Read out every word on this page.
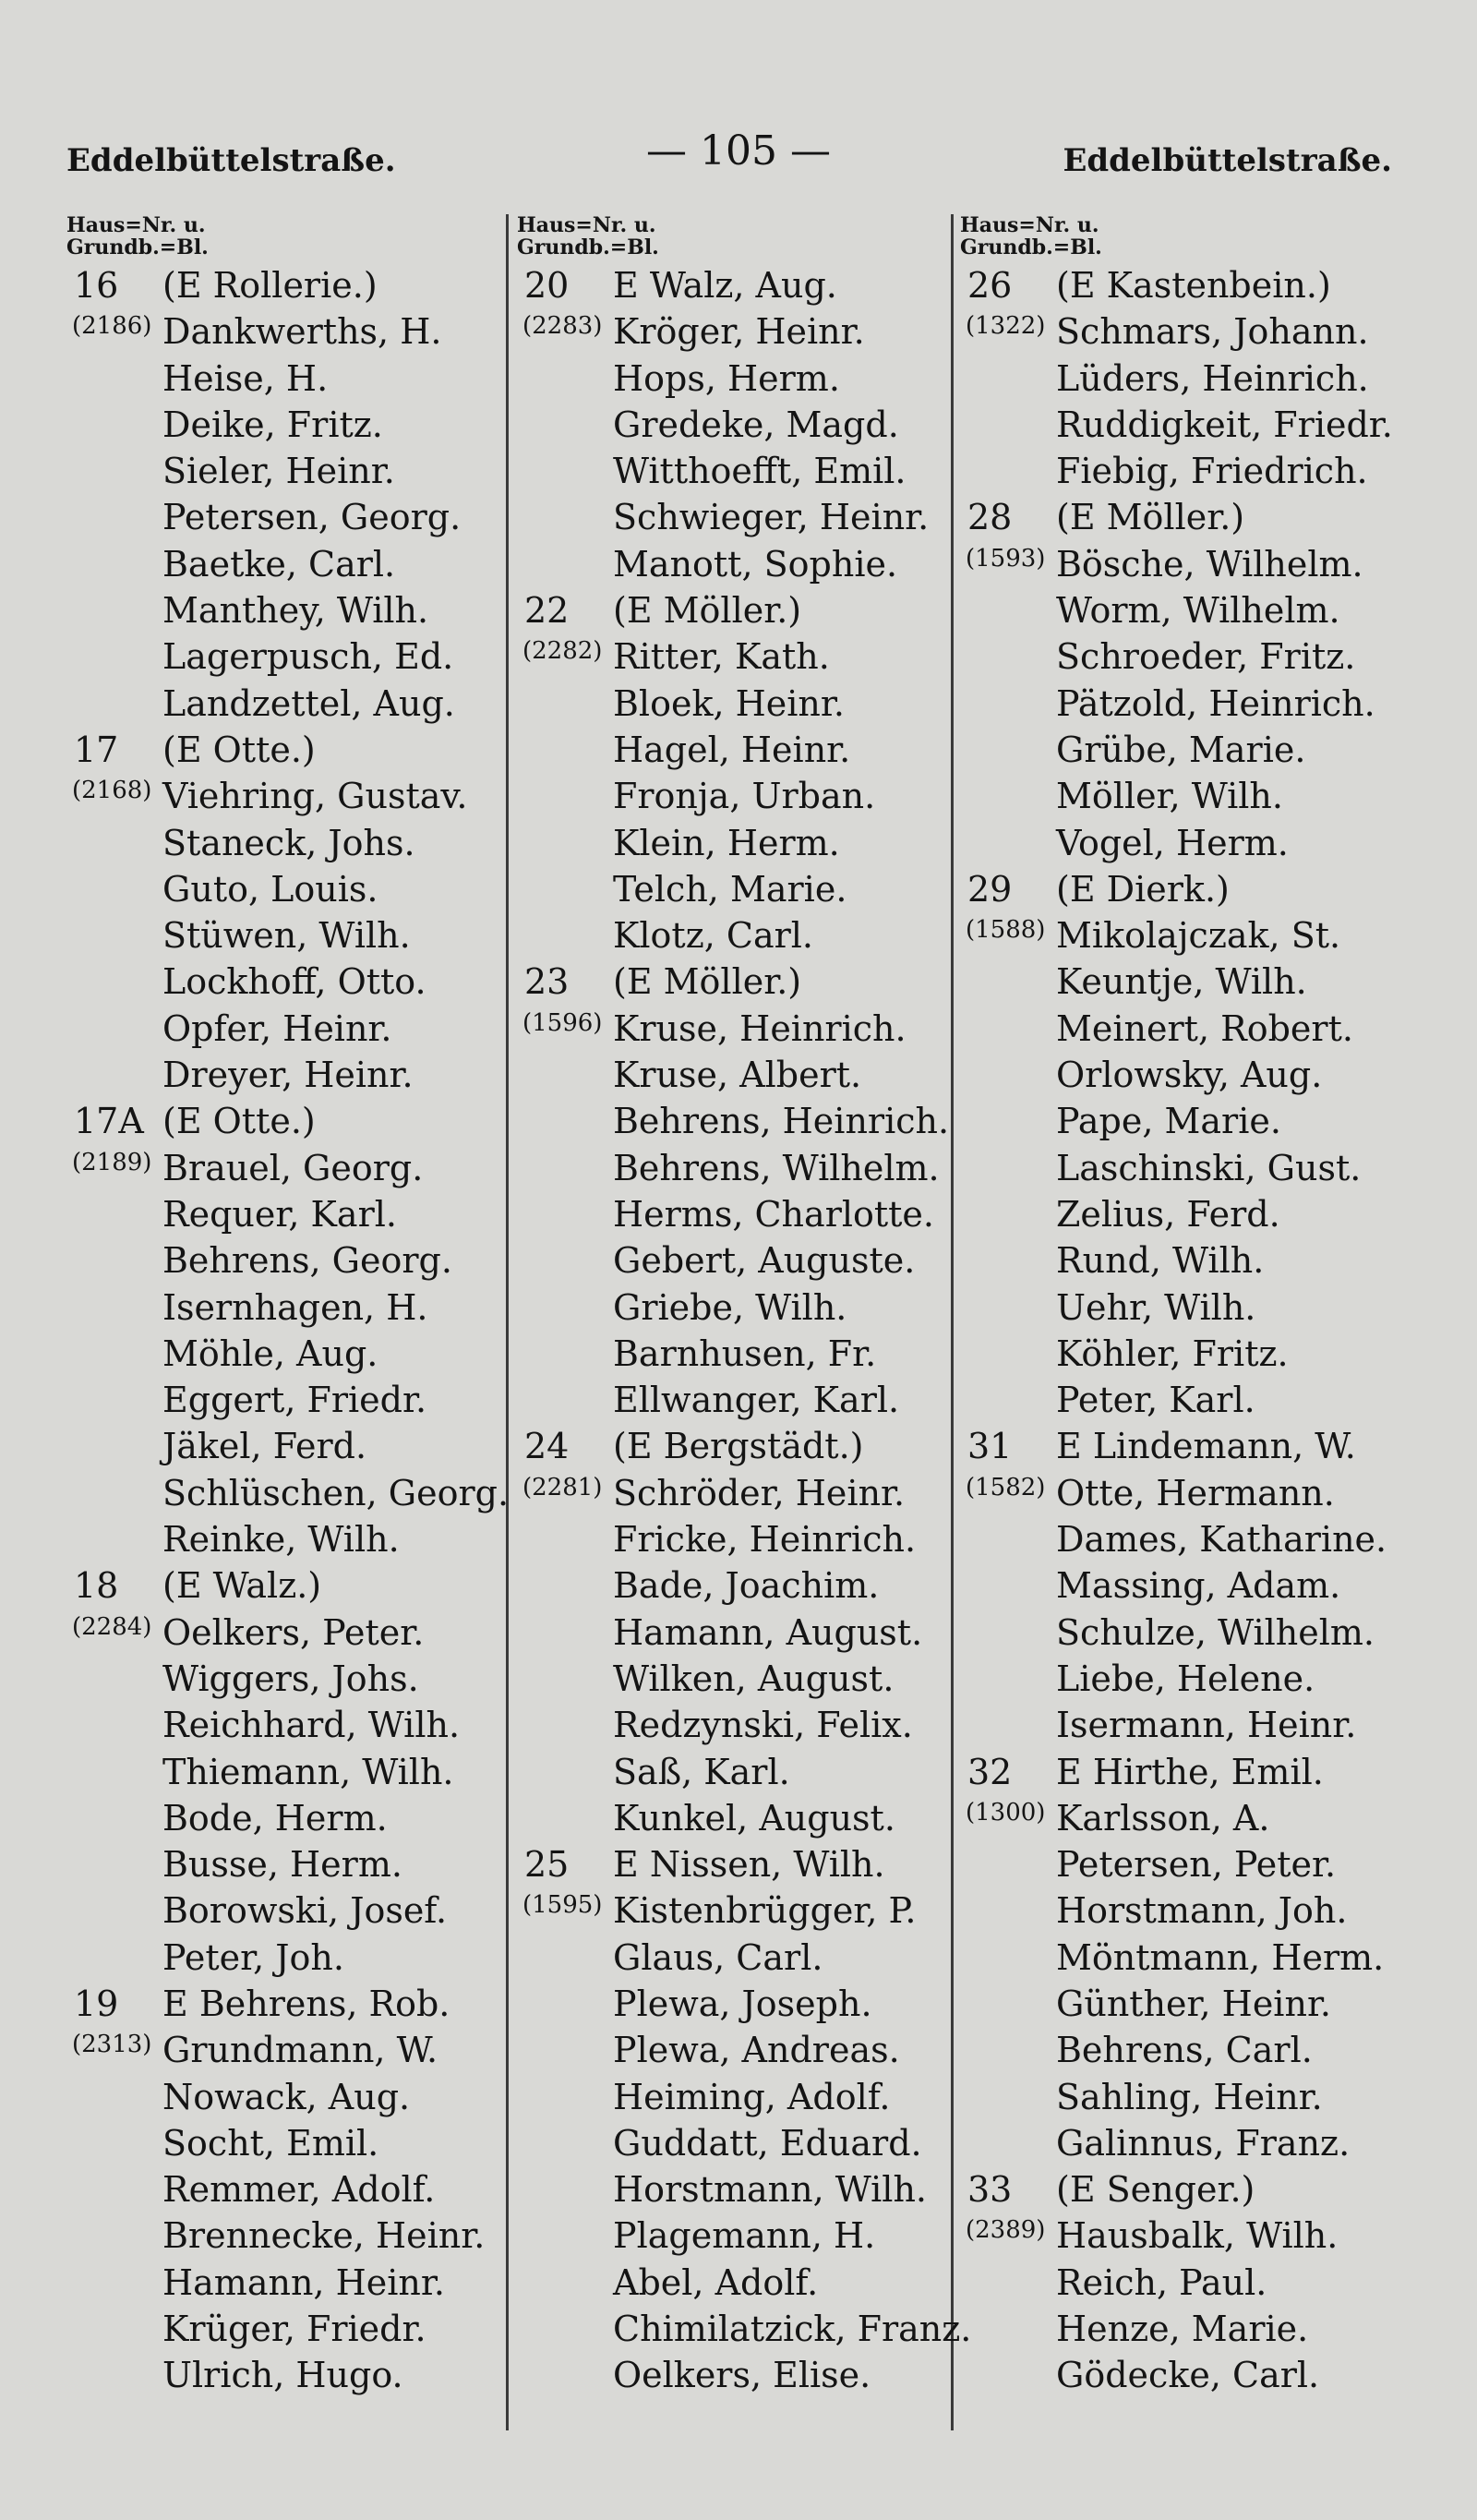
Eddelbüttelstraße.	— 105 —	Eddelbüttelstraße.
Haus=Nr. u.
Grundb.=Bl.
16 (E Rollerie.)
(2186) Dankwerths, H.
Heise, H.
Deike, Fritz.
Sieler, Heinr.
Petersen, Georg.
Baetke, Carl.
Manthey, Wilh.
Lagerpusch, Ed.
Landzettel, Aug.
17 (E Otte.)
(2168) Viehring, Gustav.
Staneck, Johs.
Guto, Louis.
Stüwen, Wilh.
Lockhoff, Otto.
Opfer, Heinr.
Dreyer, Heinr.
17A (E Otte.)
(2189) Brauel, Georg.
Requer, Karl.
Behrens, Georg.
Isernhagen, H.
Möhle, Aug.
Eggert, Friedr.
Jäkel, Ferd.
Schlüschen, Georg.
Reinke, Wilh.
18 (E Walz.)
(2284) Oelkers, Peter.
Wiggers, Johs.
Reichhard, Wilh.
Thiemann, Wilh.
Bode, Herm.
Busse, Herm.
Borowski, Josef.
Peter, Joh.
19 E Behrens, Rob.
(2313) Grundmann, W.
Nowack, Aug.
Socht, Emil.
Remmer, Adolf.
Brennecke, Heinr.
Hamann, Heinr.
Krüger, Friedr.
Ulrich, Hugo.
Haus=Nr. u.
Grundb.=Bl.
20 E Walz, Aug.
(2283) Kröger, Heinr.
Hops, Herm.
Gredeke, Magd.
Witthoefft, Emil.
Schwieger, Heinr.
Manott, Sophie.
22 (E Möller.)
(2282) Ritter, Kath.
Bloek, Heinr.
Hagel, Heinr.
Fronja, Urban.
Klein, Herm.
Telch, Marie.
Klotz, Carl.
23 (E Möller.)
(1596) Kruse, Heinrich.
Kruse, Albert.
Behrens, Heinrich.
Behrens, Wilhelm.
Herms, Charlotte.
Gebert, Auguste.
Griebe, Wilh.
Barnhusen, Fr.
Ellwanger, Karl.
24 (E Bergstädt.)
(2281) Schröder, Heinr.
Fricke, Heinrich.
Bade, Joachim.
Hamann, August.
Wilken, August.
Redzynski, Felix.
Saß, Karl.
Kunkel, August.
25 E Nissen, Wilh.
(1595) Kistenbrügger, P.
Glaus, Carl.
Plewa, Joseph.
Plewa, Andreas.
Heiming, Adolf.
Guddatt, Eduard.
Horstmann, Wilh.
Plagemann, H.
Abel, Adolf.
Chimilatzick, Franz.
Oelkers, Elise.
Haus=Nr. u.
Grundb.=Bl.
26 (E Kastenbein.)
(1322) Schmars, Johann.
Lüders, Heinrich.
Ruddigkeit, Friedr.
Fiebig, Friedrich.
28 (E Möller.)
(1593) Bösche, Wilhelm.
Worm, Wilhelm.
Schroeder, Fritz.
Pätzold, Heinrich.
Grübe, Marie.
Möller, Wilh.
Vogel, Herm.
29 (E Dierk.)
(1588) Mikolajczak, St.
Keuntje, Wilh.
Meinert, Robert.
Orlowsky, Aug.
Pape, Marie.
Laschinski, Gust.
Zelius, Ferd.
Rund, Wilh.
Uehr, Wilh.
Köhler, Fritz.
Peter, Karl.
31 E Lindemann, W.
(1582) Otte, Hermann.
Dames, Katharine.
Massing, Adam.
Schulze, Wilhelm.
Liebe, Helene.
Isermann, Heinr.
32 E Hirthe, Emil.
(1300) Karlsson, A.
Petersen, Peter.
Horstmann, Joh.
Möntmann, Herm.
Günther, Heinr.
Behrens, Carl.
Sahling, Heinr.
Galinnus, Franz.
33 (E Senger.)
(2389) Hausbalk, Wilh.
Reich, Paul.
Henze, Marie.
Gödecke, Carl.
